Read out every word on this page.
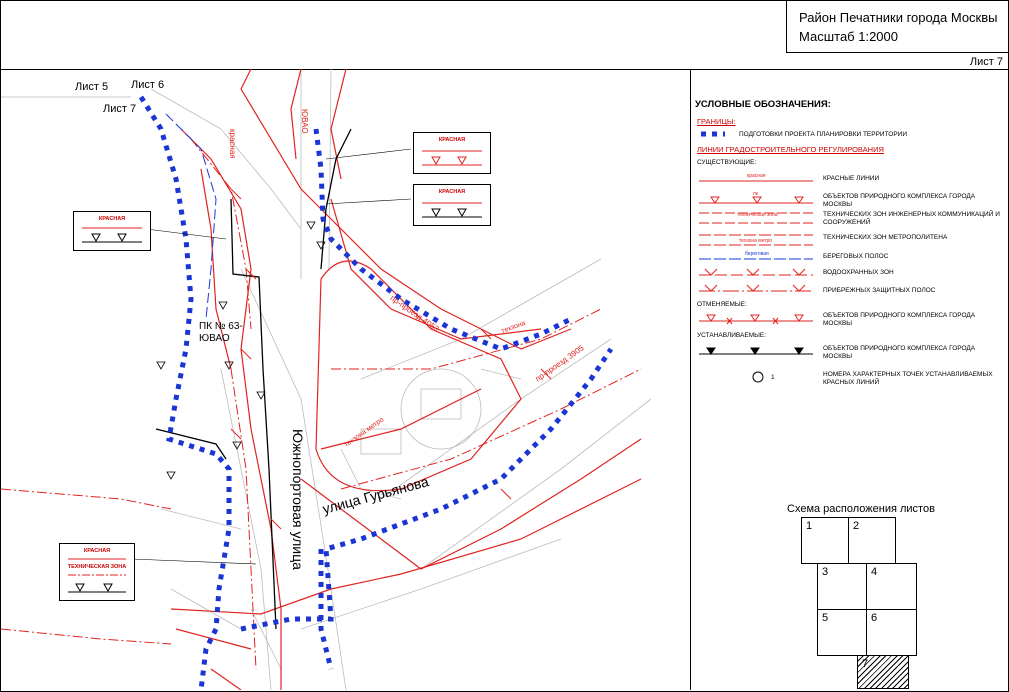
Район Печатники города Москвы
Масштаб 1:2000
Лист 7
Лист 5 Лист 6
Лист 7
ПК № 63-
ЮВАО
Южнопортовая улица улица Гурьянова
пр-проезд 4053
пр-проезд 3905
техзона метро
ЮВАО
красная
техзона
КРАСНАЯ
КРАСНАЯ
КРАСНАЯ
КРАСНАЯ
ТЕХНИЧЕСКАЯ ЗОНА
УСЛОВНЫЕ ОБОЗНАЧЕНИЯ:
ГРАНИЦЫ:
ПОДГОТОВКИ ПРОЕКТА ПЛАНИРОВКИ ТЕРРИТОРИИ
ЛИНИИ ГРАДОСТРОИТЕЛЬНОГО РЕГУЛИРОВАНИЯ
СУЩЕСТВУЮЩИЕ:
красная	КРАСНЫЕ ЛИНИИ
пк	ОБЪЕКТОВ ПРИРОДНОГО КОМПЛЕКСА ГОРОДА МОСКВЫ
техническая зона	ТЕХНИЧЕСКИХ ЗОН ИНЖЕНЕРНЫХ КОММУНИКАЦИЙ И СООРУЖЕНИЙ
техзона метро	ТЕХНИЧЕСКИХ ЗОН МЕТРОПОЛИТЕНА
береговая	БЕРЕГОВЫХ ПОЛОС
ВОДООХРАННЫХ ЗОН
ПРИБРЕЖНЫХ ЗАЩИТНЫХ ПОЛОС
ОТМЕНЯЕМЫЕ:
ОБЪЕКТОВ ПРИРОДНОГО КОМПЛЕКСА ГОРОДА МОСКВЫ
УСТАНАВЛИВАЕМЫЕ:
ОБЪЕКТОВ ПРИРОДНОГО КОМПЛЕКСА ГОРОДА МОСКВЫ
1	НОМЕРА ХАРАКТЕРНЫХ ТОЧЕК УСТАНАВЛИВАЕМЫХ КРАСНЫХ ЛИНИЙ
Схема расположения листов
1	2
3	4
5	6
7
